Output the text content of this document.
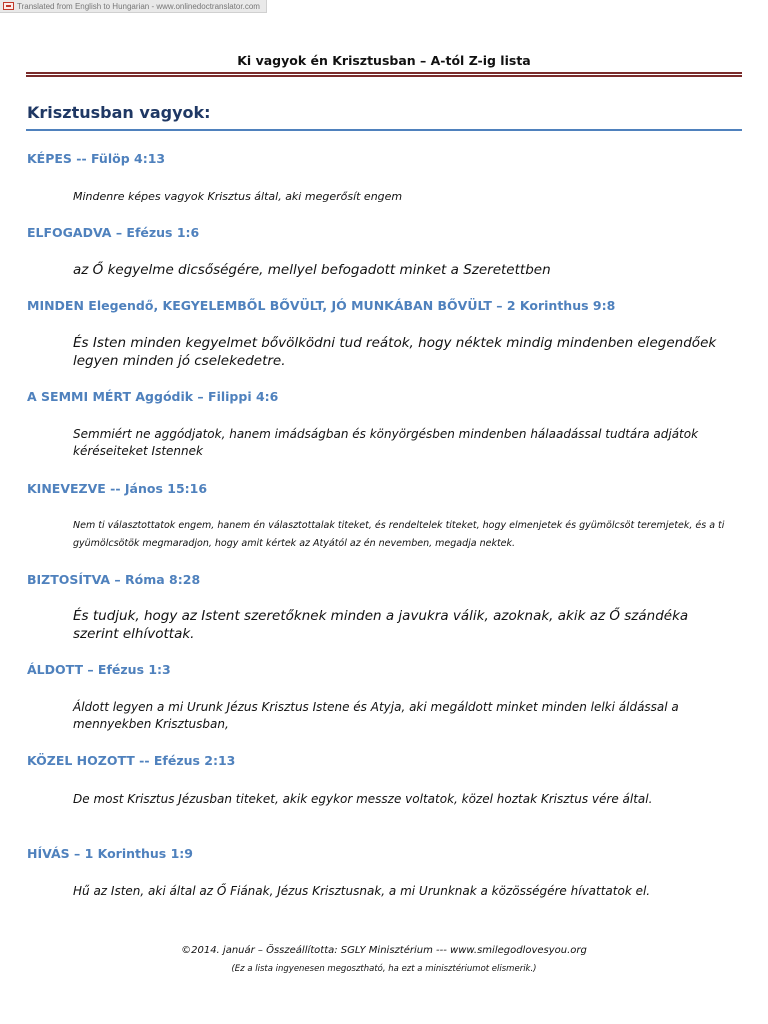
Translated from English to Hungarian - www.onlinedoctranslator.com
Ki vagyok én Krisztusban – A-tól Z-ig lista
Krisztusban vagyok:
KÉPES -- Fülöp 4:13
Mindenre képes vagyok Krisztus által, aki megerősít engem
ELFOGADVA – Efézus 1:6
az Ő kegyelme dicsőségére, mellyel befogadott minket a Szeretettben
MINDEN Elegendő, KEGYELEMBŐL BŐVÜLT, JÓ MUNKÁBAN BŐVÜLT – 2 Korinthus 9:8
És Isten minden kegyelmet bővölködni tud reátok, hogy néktek mindig mindenben elegendőek legyen minden jó cselekedetre.
A SEMMI MÉRT Aggódik – Filippi 4:6
Semmiért ne aggódjatok, hanem imádságban és könyörgésben mindenben hálaadással tudtára adjátok kéréseiteket Istennek
KINEVEZVE -- János 15:16
Nem ti választottatok engem, hanem én választottalak titeket, és rendeltelek titeket, hogy elmenjetek és gyümölcsöt teremjetek, és a ti gyümölcsötök megmaradjon, hogy amit kértek az Atyától az én nevemben, megadja nektek.
BIZTOSÍTVA – Róma 8:28
És tudjuk, hogy az Istent szeretőknek minden a javukra válik, azoknak, akik az Ő szándéka szerint elhívottak.
ÁLDOTT – Efézus 1:3
Áldott legyen a mi Urunk Jézus Krisztus Istene és Atyja, aki megáldott minket minden lelki áldással a mennyekben Krisztusban,
KÖZEL HOZOTT -- Efézus 2:13
De most Krisztus Jézusban titeket, akik egykor messze voltatok, közel hoztak Krisztus vére által.
HÍVÁS – 1 Korinthus 1:9
Hű az Isten, aki által az Ő Fiának, Jézus Krisztusnak, a mi Urunknak a közösségére hívattatok el.
©2014. január – Összeállította: SGLY Minisztérium --- www.smilegodlovesyou.org
(Ez a lista ingyenesen megosztható, ha ezt a minisztériumot elismerik.)
